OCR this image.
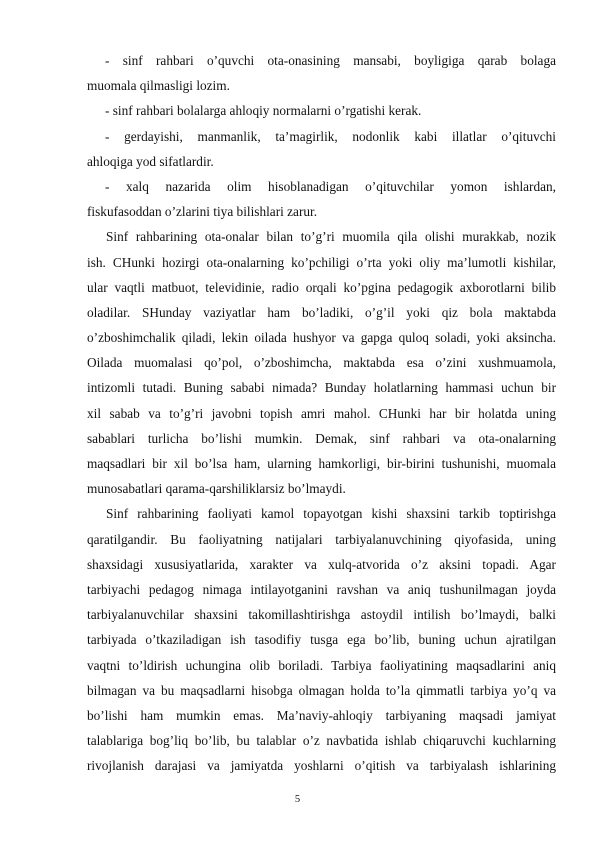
- sinf rahbari o’quvchi ota-onasining mansabi, boyligiga qarab bolaga
muomala qilmasligi lozim.
- sinf rahbari bolalarga ahloqiy normalarni o’rgatishi kerak.
- gerdayishi, manmanlik, ta’magirlik, nodonlik kabi illatlar o’qituvchi
ahloqiga yod sifatlardir.
- xalq nazarida olim hisoblanadigan o’qituvchilar yomon ishlardan,
fiskufasoddan o’zlarini tiya bilishlari zarur.
Sinf rahbarining ota-onalar bilan to’g’ri muomila qila olishi murakkab, nozik
ish. CHunki hozirgi ota-onalarning ko’pchiligi o’rta yoki oliy ma’lumotli kishilar,
ular vaqtli matbuot, televidinie, radio orqali ko’pgina pedagogik axborotlarni bilib
oladilar. SHunday vaziyatlar ham bo’ladiki, o’g’il yoki qiz bola maktabda
o’zboshimchalik qiladi, lekin oilada hushyor va gapga quloq soladi, yoki aksincha.
Oilada muomalasi qo’pol, o’zboshimcha, maktabda esa o’zini xushmuamola,
intizomli tutadi. Buning sababi nimada? Bunday holatlarning hammasi uchun bir
xil sabab va to’g’ri javobni topish amri mahol. CHunki har bir holatda uning
sabablari turlicha bo’lishi mumkin. Demak, sinf rahbari va ota-onalarning
maqsadlari bir xil bo’lsa ham, ularning hamkorligi, bir-birini tushunishi, muomala
munosabatlari qarama-qarshiliklarsiz bo’lmaydi.
Sinf rahbarining faoliyati kamol topayotgan kishi shaxsini tarkib toptirishga
qaratilgandir. Bu faoliyatning natijalari tarbiyalanuvchining qiyofasida, uning
shaxsidagi xususiyatlarida, xarakter va xulq-atvorida o’z aksini topadi. Agar
tarbiyachi pedagog nimaga intilayotganini ravshan va aniq tushunilmagan joyda
tarbiyalanuvchilar shaxsini takomillashtirishga astoydil intilish bo’lmaydi, balki
tarbiyada o’tkaziladigan ish tasodifiy tusga ega bo’lib, buning uchun ajratilgan
vaqtni to’ldirish uchungina olib boriladi. Tarbiya faoliyatining maqsadlarini aniq
bilmagan va bu maqsadlarni hisobga olmagan holda to’la qimmatli tarbiya yo’q va
bo’lishi ham mumkin emas. Ma’naviy-ahloqiy tarbiyaning maqsadi jamiyat
talablariga bog’liq bo’lib, bu talablar o’z navbatida ishlab chiqaruvchi kuchlarning
rivojlanish darajasi va jamiyatda yoshlarni o’qitish va tarbiyalash ishlarining
5
